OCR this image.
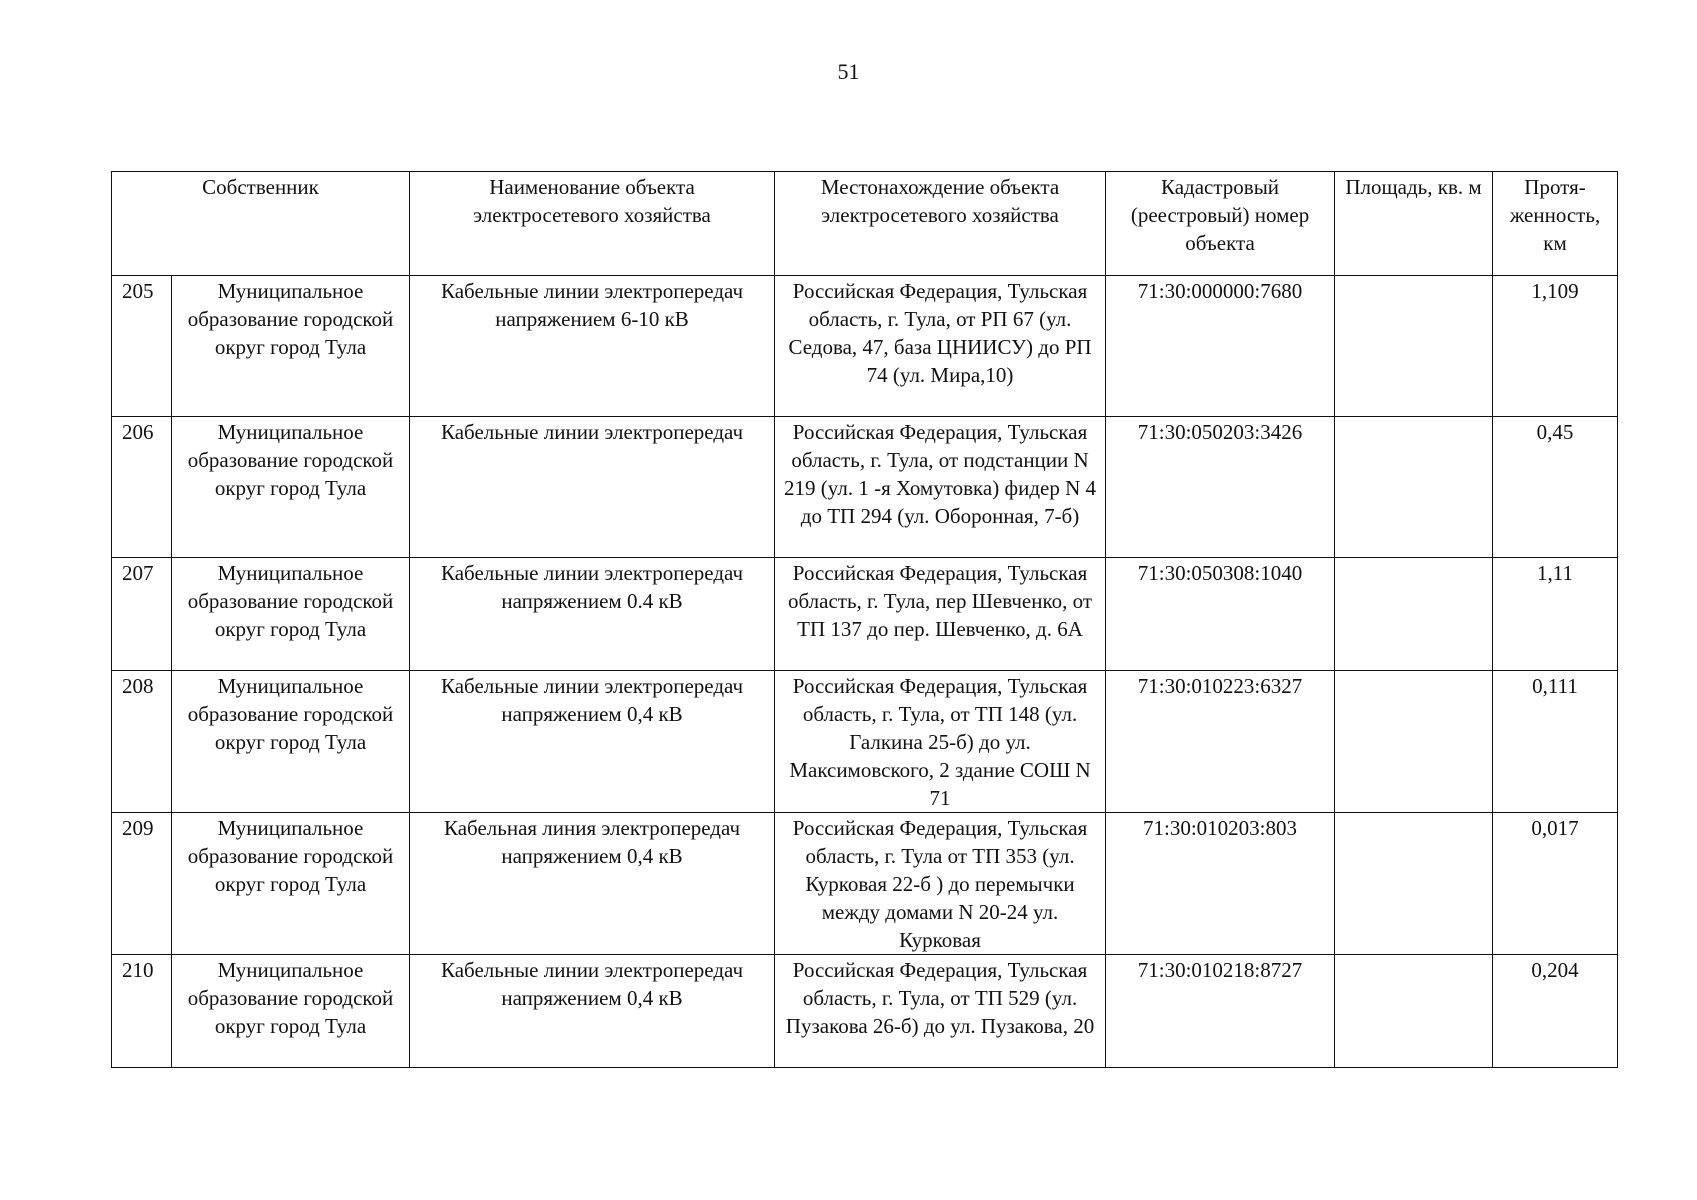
51
Собственник		Наименование объекта электросетевого хозяйства	Местонахождение объекта электросетевого хозяйства	Кадастровый (реестровый) номер объекта	Площадь, кв. м	Протя-женность, км
205	Муниципальное образование городской округ город Тула	Кабельные линии электропередач напряжением 6-10 кВ	Российская Федерация, Тульская область, г. Тула, от РП 67 (ул. Седова, 47, база ЦНИИСУ) до РП 74 (ул. Мира,10)	71:30:000000:7680		1,109
206	Муниципальное образование городской округ город Тула	Кабельные линии электропередач	Российская Федерация, Тульская область, г. Тула, от подстанции N 219 (ул. 1 -я Хомутовка) фидер N 4 до ТП 294 (ул. Оборонная, 7-б)	71:30:050203:3426		0,45
207	Муниципальное образование городской округ город Тула	Кабельные линии электропередач напряжением 0.4 кВ	Российская Федерация, Тульская область, г. Тула, пер Шевченко, от ТП 137 до пер. Шевченко, д. 6А	71:30:050308:1040		1,11
208	Муниципальное образование городской округ город Тула	Кабельные линии электропередач напряжением 0,4 кВ	Российская Федерация, Тульская область, г. Тула, от ТП 148 (ул. Галкина 25-б) до ул. Максимовского, 2 здание СОШ N 71	71:30:010223:6327		0,111
209	Муниципальное образование городской округ город Тула	Кабельная линия электропередач напряжением 0,4 кВ	Российская Федерация, Тульская область, г. Тула от ТП 353 (ул. Курковая 22-б ) до перемычки между домами N 20-24 ул. Курковая	71:30:010203:803		0,017
210	Муниципальное образование городской округ город Тула	Кабельные линии электропередач напряжением 0,4 кВ	Российская Федерация, Тульская область, г. Тула, от ТП 529 (ул. Пузакова 26-б) до ул. Пузакова, 20	71:30:010218:8727		0,204
